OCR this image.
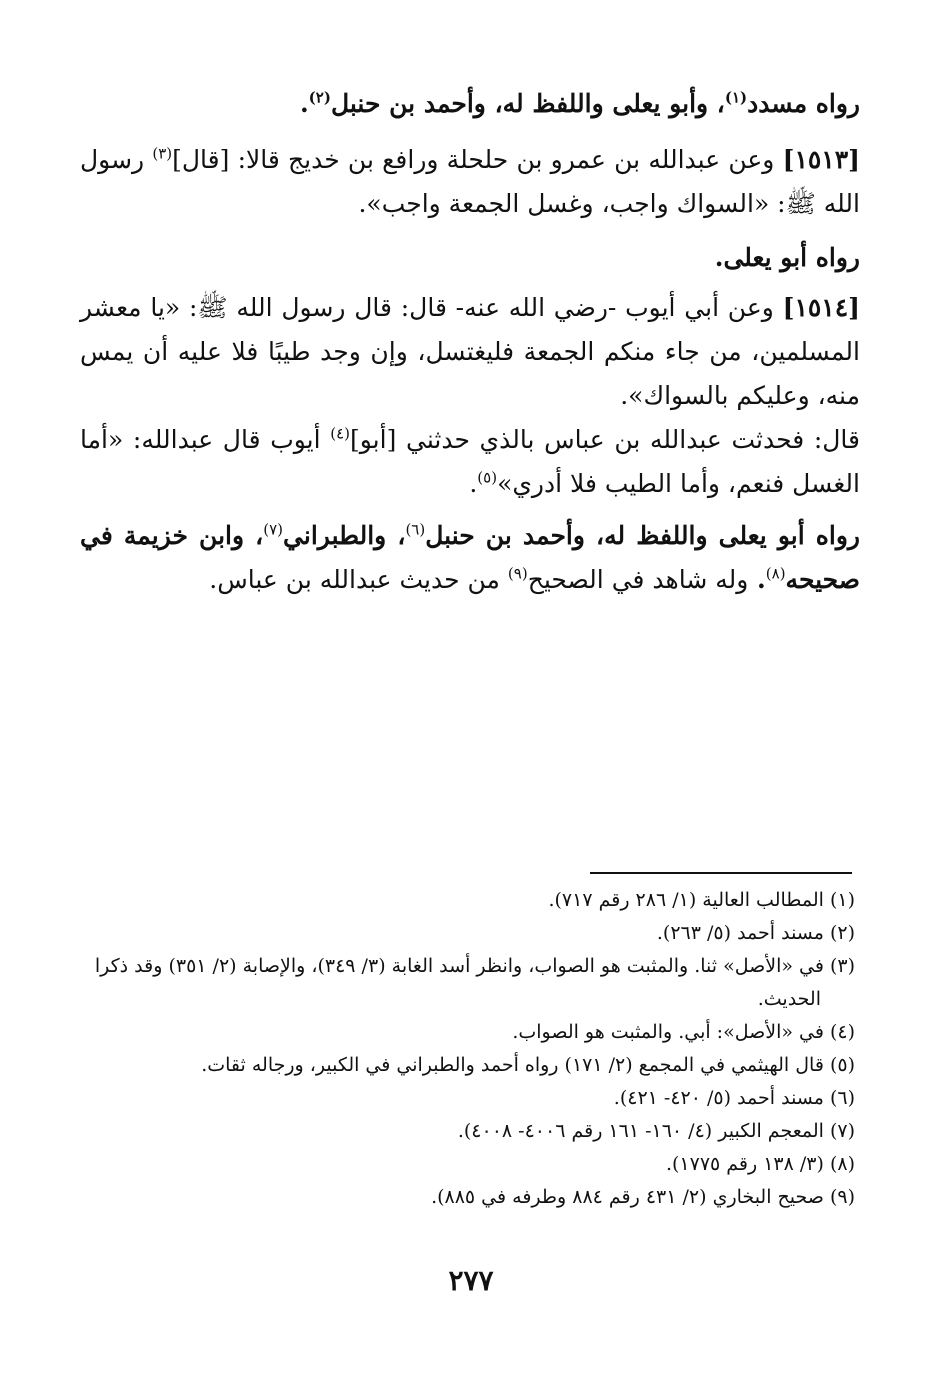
رواه مسدد$^{(١)}$، وأبو يعلى واللفظ له، وأحمد بن حنبل$^{(٢)}$.
[١٥١٣] وعن عبدالله بن عمرو بن حلحلة ورافع بن خديج قالا: [قال]$^{(٣)}$ رسول الله ﷺ: «السواك واجب، وغسل الجمعة واجب».
رواه أبو يعلى.
[١٥١٤] وعن أبي أيوب -رضي الله عنه- قال: قال رسول الله ﷺ: «يا معشر المسلمين، من جاء منكم الجمعة فليغتسل، وإن وجد طيبًا فلا عليه أن يمس منه، وعليكم بالسواك».
قال: فحدثت عبدالله بن عباس بالذي حدثني [أبو]$^{(٤)}$ أيوب قال عبدالله: «أما الغسل فنعم، وأما الطيب فلا أدري»$^{(٥)}$.
رواه أبو يعلى واللفظ له، وأحمد بن حنبل$^{(٦)}$، والطبراني$^{(٧)}$، وابن خزيمة في صحيحه$^{(٨)}$. وله شاهد في الصحيح$^{(٩)}$ من حديث عبدالله بن عباس.
(١)المطالب العالية (١/ ٢٨٦ رقم ٧١٧).
(٢)مسند أحمد (٥/ ٢٦٣).
(٣)في «الأصل» ثنا. والمثبت هو الصواب، وانظر أسد الغابة (٣/ ٣٤٩)، والإصابة (٢/ ٣٥١) وقد ذكرا الحديث.
(٤)في «الأصل»: أبي. والمثبت هو الصواب.
(٥)قال الهيثمي في المجمع (٢/ ١٧١) رواه أحمد والطبراني في الكبير، ورجاله ثقات.
(٦)مسند أحمد (٥/ ٤٢٠- ٤٢١).
(٧)المعجم الكبير (٤/ ١٦٠- ١٦١ رقم ٤٠٠٦- ٤٠٠٨).
(٨)(٣/ ١٣٨ رقم ١٧٧٥).
(٩)صحيح البخاري (٢/ ٤٣١ رقم ٨٨٤ وطرفه في ٨٨٥).
٢٧٧
